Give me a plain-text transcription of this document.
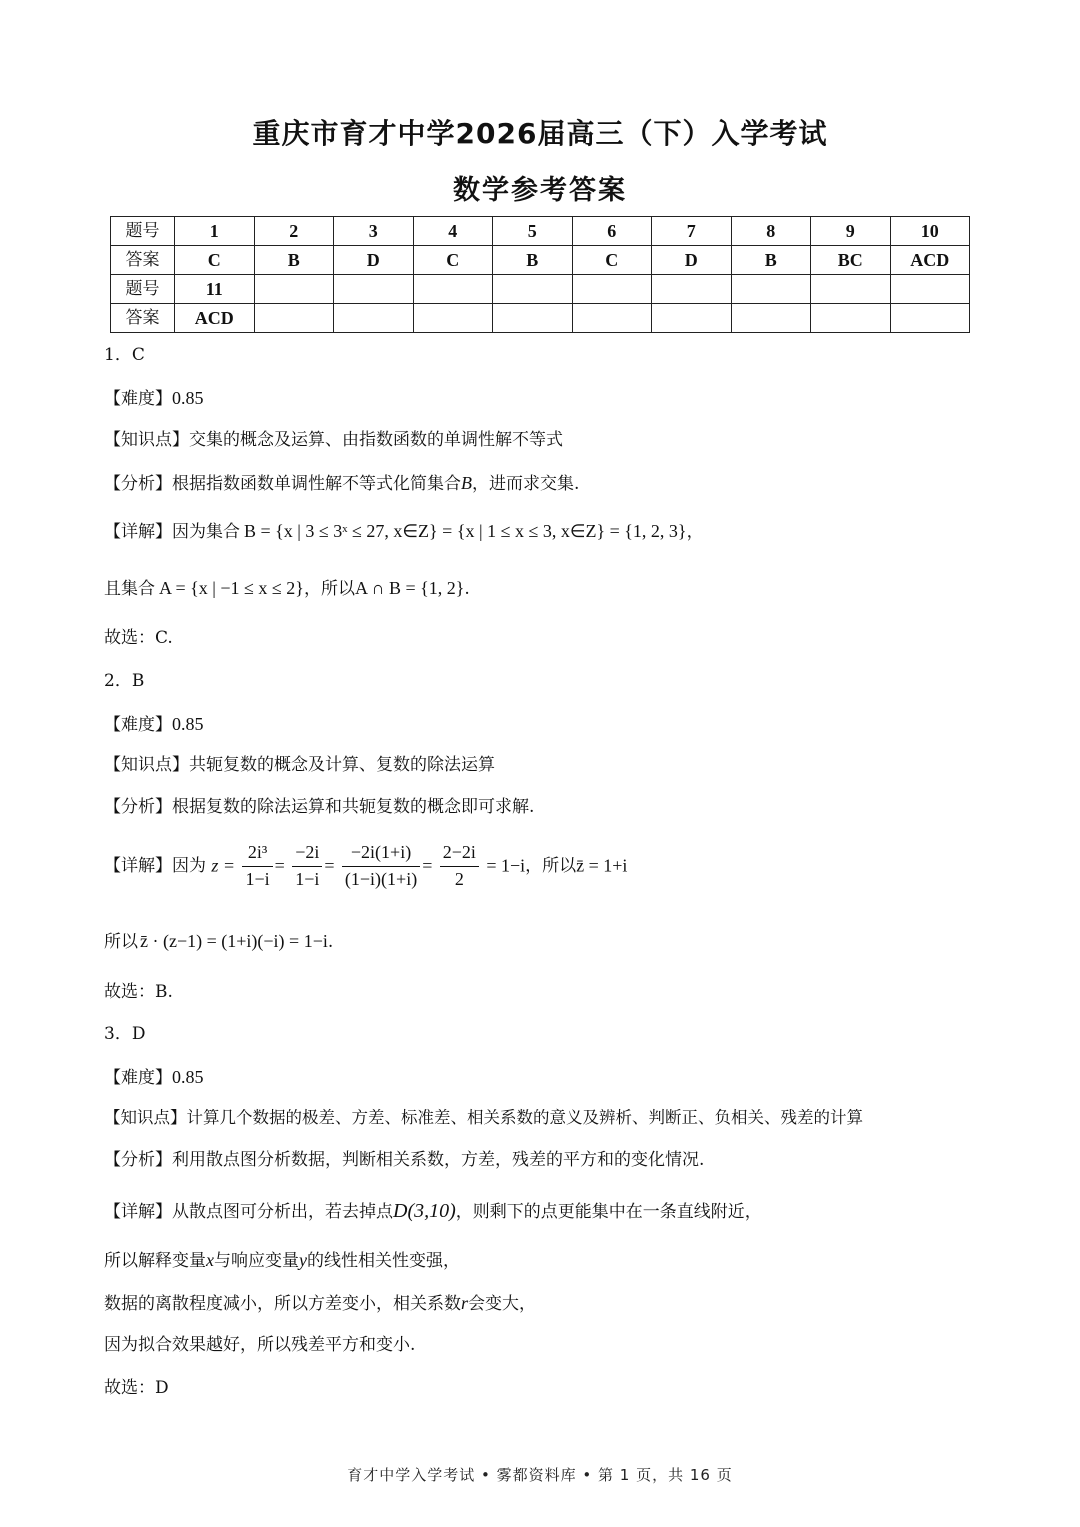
重庆市育才中学2026届高三（下）入学考试
数学参考答案
题号	1	2	3	4	5	6	7	8	9	10
答案	C	B	D	C	B	C	D	B	BC	ACD
题号	11									
答案	ACD									
1．C
【难度】0.85
【知识点】交集的概念及运算、由指数函数的单调性解不等式
【分析】根据指数函数单调性解不等式化简集合B，进而求交集.
【详解】因为集合 B = {x | 3 ≤ 3ˣ ≤ 27, x∈Z} = {x | 1 ≤ x ≤ 3, x∈Z} = {1, 2, 3}，
且集合 A = {x | −1 ≤ x ≤ 2}，所以A ∩ B = {1, 2}.
故选：C.
2．B
【难度】0.85
【知识点】共轭复数的概念及计算、复数的除法运算
【分析】根据复数的除法运算和共轭复数的概念即可求解.
【详解】因为 $z = \frac{\text{2i³}}{1-i} = \frac{-2i}{1-i} = \frac{-2i(1+i)}{(1-i)(1+i)} = \frac{2-2i}{2} = 1-i$，所以z̄ = 1+i
所以 z̄ · (z−1) = (1+i)(−i) = 1−i.
故选：B.
3．D
【难度】0.85
【知识点】计算几个数据的极差、方差、标准差、相关系数的意义及辨析、判断正、负相关、残差的计算
【分析】利用散点图分析数据，判断相关系数，方差，残差的平方和的变化情况.
【详解】从散点图可分析出，若去掉点D(3,10)，则剩下的点更能集中在一条直线附近，
所以解释变量x与响应变量y的线性相关性变强，
数据的离散程度减小，所以方差变小，相关系数r会变大，
因为拟合效果越好，所以残差平方和变小.
故选：D
育才中学入学考试 • 雾都资料库 • 第 1 页，共 16 页
